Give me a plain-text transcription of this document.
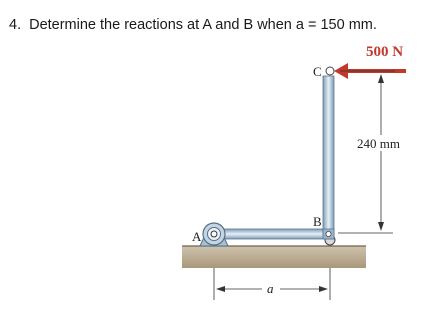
4. Determine the reactions at A and B when a = 150 mm.
500 N
240 mm
C
B
A
a
